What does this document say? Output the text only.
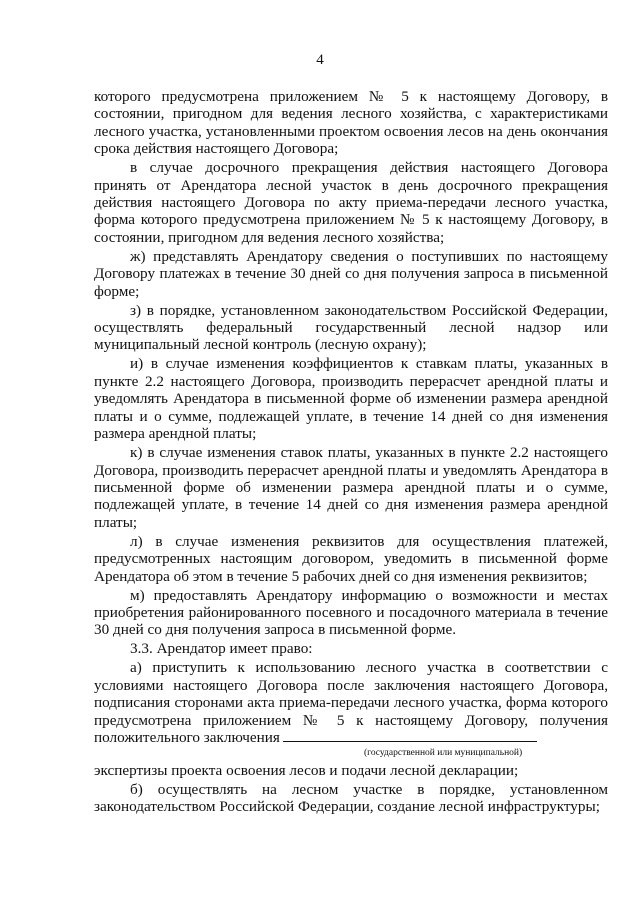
4

которого предусмотрена приложением № 5 к настоящему Договору, в состоянии, пригодном для ведения лесного хозяйства, с характеристиками лесного участка, установленными проектом освоения лесов на день окончания срока действия настоящего Договора;

в случае досрочного прекращения действия настоящего Договора принять от Арендатора лесной участок в день досрочного прекращения действия настоящего Договора по акту приема-передачи лесного участка, форма которого предусмотрена приложением № 5 к настоящему Договору, в состоянии, пригодном для ведения лесного хозяйства;

ж) представлять Арендатору сведения о поступивших по настоящему Договору платежах в течение 30 дней со дня получения запроса в письменной форме;

з) в порядке, установленном законодательством Российской Федерации, осуществлять федеральный государственный лесной надзор или муниципальный лесной контроль (лесную охрану);

и) в случае изменения коэффициентов к ставкам платы, указанных в пункте 2.2 настоящего Договора, производить перерасчет арендной платы и уведомлять Арендатора в письменной форме об изменении размера арендной платы и о сумме, подлежащей уплате, в течение 14 дней со дня изменения размера арендной платы;

к) в случае изменения ставок платы, указанных в пункте 2.2 настоящего Договора, производить перерасчет арендной платы и уведомлять Арендатора в письменной форме об изменении размера арендной платы и о сумме, подлежащей уплате, в течение 14 дней со дня изменения размера арендной платы;

л) в случае изменения реквизитов для осуществления платежей, предусмотренных настоящим договором, уведомить в письменной форме Арендатора об этом в течение 5 рабочих дней со дня изменения реквизитов;

м) предоставлять Арендатору информацию о возможности и местах приобретения районированного посевного и посадочного материала в течение 30 дней со дня получения запроса в письменной форме.

3.3. Арендатор имеет право:

а) приступить к использованию лесного участка в соответствии с условиями настоящего Договора после заключения настоящего Договора, подписания сторонами акта приема-передачи лесного участка, форма которого предусмотрена приложением № 5 к настоящему Договору, получения положительного заключения

(государственной или муниципальной)

экспертизы проекта освоения лесов и подачи лесной декларации;

б) осуществлять на лесном участке в порядке, установленном законодательством Российской Федерации, создание лесной инфраструктуры;
